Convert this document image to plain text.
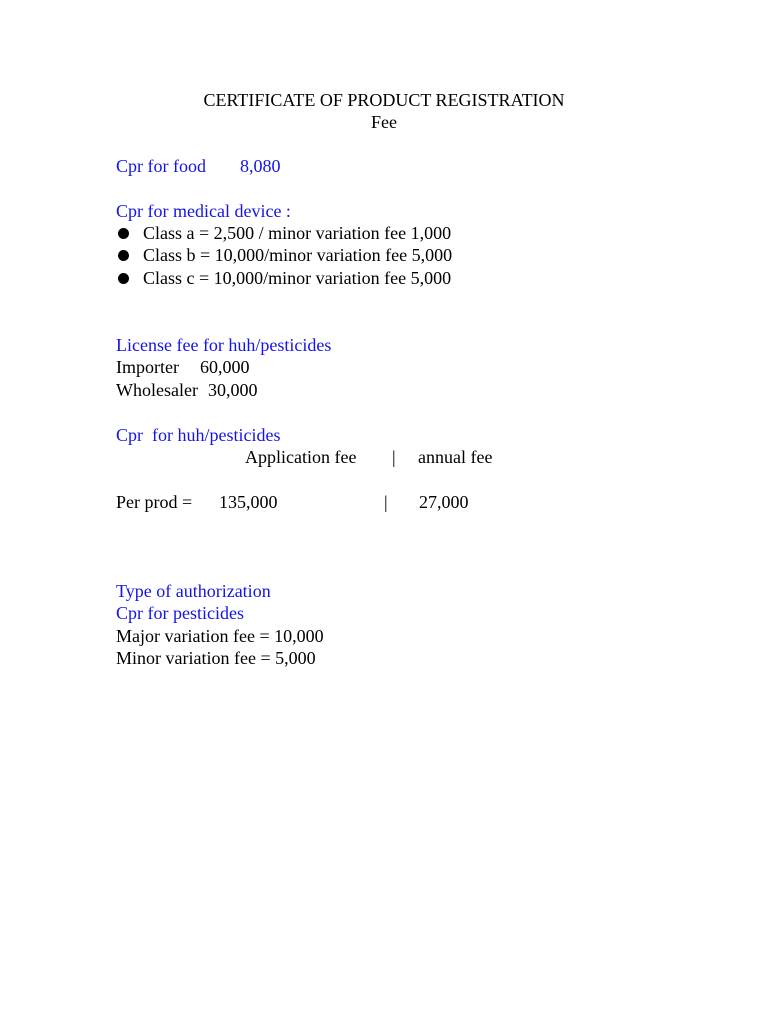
CERTIFICATE OF PRODUCT REGISTRATION
Fee
Cpr for food 8,080
Cpr for medical device :
Class a = 2,500 / minor variation fee 1,000
Class b = 10,000/minor variation fee 5,000
Class c = 10,000/minor variation fee 5,000
License fee for huh/pesticides
Importer 60,000
Wholesaler 30,000
Cpr  for huh/pesticides
Application fee | annual fee
Per prod = 135,000	| 27,000
Type of authorization
Cpr for pesticides
Major variation fee = 10,000
Minor variation fee = 5,000
